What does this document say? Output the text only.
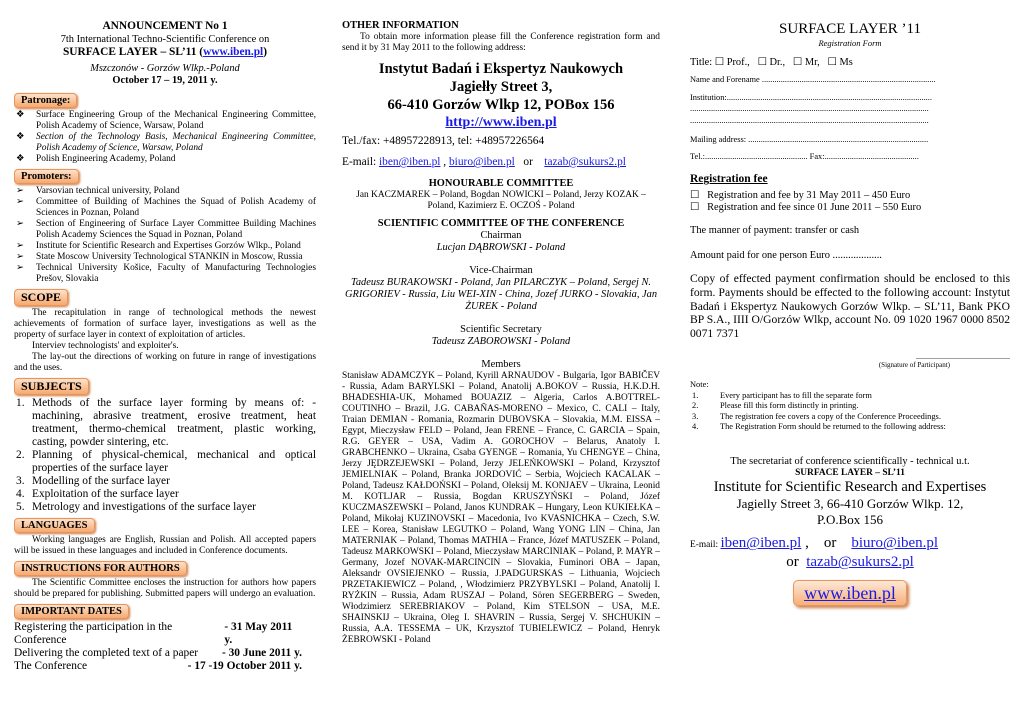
ANNOUNCEMENT No 1
7th International Techno-Scientific Conference on
SURFACE LAYER – SL’11 (www.iben.pl)
Mszczonów - Gorzów Wlkp.-Poland
October 17 – 19, 2011 y.
Patronage:
❖ Surface Engineering Group of the Mechanical Engineering Committee, Polish Academy of Science, Warsaw, Poland
❖ Section of the Technology Basis, Mechanical Engineering Committee, Polish Academy of Science, Warsaw, Poland
❖ Polish Engineering Academy, Poland
Promoters:
➢ Varsovian technical university, Poland
➢ Committee of Building of Machines the Squad of Polish Academy of Sciences in Poznan, Poland
➢ Section of Engineering of Surface Layer Committee Building Machines Polish Academy Sciences the Squad in Poznan, Poland
➢ Institute for Scientific Research and Expertises Gorzów Wlkp., Poland
➢ State Moscow University Technological STANKIN in Moscow, Russia
➢ Technical University Košice, Faculty of Manufacturing Technologies Prešov, Slovakia
SCOPE
The recapitulation in range of technological methods the newest achievements of formation of surface layer, investigations as well as the property of surface layer in context of exploitation of articles.
Interviev technologists' and exploiter's.
The lay-out the directions of working on future in range of investigations and the uses.
SUBJECTS
1. Methods of the surface layer forming by means of: - machining, abrasive treatment, erosive treatment, heat treatment, thermo-chemical treatment, plastic working, casting, powder sintering, etc.
2. Planning of physical-chemical, mechanical and optical properties of the surface layer
3. Modelling of the surface layer
4. Exploitation of the surface layer
5. Metrology and investigations of the surface layer
LANGUAGES
Working languages are English, Russian and Polish. All accepted papers will be issued in these languages and included in Conference documents.
INSTRUCTIONS FOR AUTHORS
The Scientific Committee encloses the instruction for authors how papers should be prepared for publishing. Submitted papers will undergo an evaluation.
IMPORTANT DATES
Registering the participation in the Conference
- 31 May 2011 y.
Delivering the completed text of a paper - 30 June 2011 y.
The Conference	- 17 -19 October 2011 y.
OTHER INFORMATION
To obtain more information please fill the Conference registration form and send it by 31 May 2011 to the following address:
Instytut Badań i Ekspertyz Naukowych
Jagiełły Street 3,
66-410 Gorzów Wlkp 12, POBox 156
http://www.iben.pl
Tel./fax: +48957228913, tel: +48957226564
E-mail: iben@iben.pl , biuro@iben.pl   or    tazab@sukurs2.pl
HONOURABLE COMMITTEE
Jan KACZMAREK – Poland, Bogdan NOWICKI – Poland, Jerzy KOZAK – Poland, Kazimierz E. OCZOŚ - Poland
SCIENTIFIC COMMITTEE OF THE CONFERENCE
Chairman
Lucjan DĄBROWSKI - Poland
Vice-Chairman
Tadeusz BURAKOWSKI - Poland, Jan PILARCZYK – Poland, Sergej N. GRIGORIEV - Russia, Liu WEI-XIN - China, Jozef JURKO - Slovakia, Jan ŻUREK - Poland
Scientific Secretary
Tadeusz ZABOROWSKI - Poland
Members
Stanisław ADAMCZYK – Poland, Kyrill ARNAUDOV - Bulgaria, Igor BABIČEV - Russia, Adam BARYLSKI – Poland, Anatolij A.BOKOV – Russia, H.K.D.H. BHADESHIA-UK, Mohamed BOUAZIZ – Algeria, Carlos A.BOTTREL-COUTINHO – Brazil, J.G. CABAÑAS-MORENO – Mexico, C. CALI – Italy, Traian DEMIAN - Romania, Rozmarin DUBOVSKA – Slovakia, M.M. EISSA – Egypt, Mieczysław FELD – Poland, Jean FRENE – France, C. GARCIA – Spain, R.G. GEYER – USA, Vadim A. GOROCHOV – Belarus, Anatoly I. GRABCHENKO – Ukraina, Csaba GYENGE – Romania, Yu CHENGYE – China, Jerzy JĘDRZEJEWSKI – Poland, Jerzy JELEŃKOWSKI – Poland, Krzysztof JEMIELNIAK – Poland, Branka JORDOVIĆ – Serbia, Wojciech KACALAK – Poland, Tadeusz KAŁDOŃSKI – Poland, Oleksij M. KONJAEV – Ukraina, Leonid M. KOTLJAR – Russia, Bogdan KRUSZYŃSKI – Poland, Józef KUCZMASZEWSKI – Poland, Janos KUNDRAK – Hungary, Leon KUKIEŁKA – Poland, Mikołaj KUZINOVSKI – Macedonia, Ivo KVASNICHKA – Czech, S.W. LEE – Korea, Stanisław LEGUTKO – Poland, Wang YONG LIN – China, Jan MATERNIAK – Poland, Thomas MATHIA – France, Józef MATUSZEK – Poland, Tadeusz MARKOWSKI – Poland, Mieczysław MARCINIAK – Poland, P. MAYR – Germany, Jozef NOVAK-MARCINCIN – Slovakia, Fuminori OBA – Japan, Aleksandr OVSIEJENKO – Russia, J.PADGURSKAS – Lithuania, Wojciech PRZETAKIEWICZ – Poland, , Włodzimierz PRZYBYLSKI – Poland, Anatolij I. RYŻKIN – Russia, Adam RUSZAJ – Poland, Sören SEGERBERG – Sweden, Włodzimierz SEREBRIAKOV – Poland, Kim STELSON – USA, M.E. SHAINSKIJ – Ukraina, Oleg I. SHAVRIN – Russia, Sergej V. SHCHUKIN – Russia, A.A. TESSEMA – UK, Krzysztof TUBIELEWICZ – Poland, Henryk ŻEBROWSKI - Poland
SURFACE LAYER ’11
Registration Form
Title: ☐ Prof., ☐ Dr., ☐ Mr, ☐ Ms
Name and Forename ...................................................................................
Institution:..................................................................................................
..................................................................................................................
..................................................................................................................
Mailing address: ......................................................................................
Tel.:................................................. Fax:.............................................
Registration fee
☐ Registration and fee by 31 May 2011 – 450 Euro
☐ Registration and fee since 01 June 2011 – 550 Euro
The manner of payment: transfer or cash
Amount paid for one person Euro ...................
Copy of effected payment confirmation should be enclosed to this form. Payments should be effected to the following account: Instytut Badań i Ekspertyz Naukowych Gorzów Wlkp. – SL’11, Bank PKO BP S.A., IIII O/Gorzów Wlkp, account No. 09 1020 1967 0000 8502 0071 7371
...............................................
(Signature of Participant)
Note:
1.	Every participant has to fill the separate form
2.	Please fill this form distinctly in printing.
3.	The registration fee covers a copy of the Conference Proceedings.
4.	The Registration Form should be returned to the following address:
The secretariat of conference scientifically - technical u.t.
SURFACE LAYER – SL’11
Institute for Scientific Research and Expertises
Jagielly Street 3, 66-410 Gorzów Wlkp. 12,
P.O.Box 156
E-mail: iben@iben.pl ,    or    biuro@iben.pl
or  tazab@sukurs2.pl
www.iben.pl
